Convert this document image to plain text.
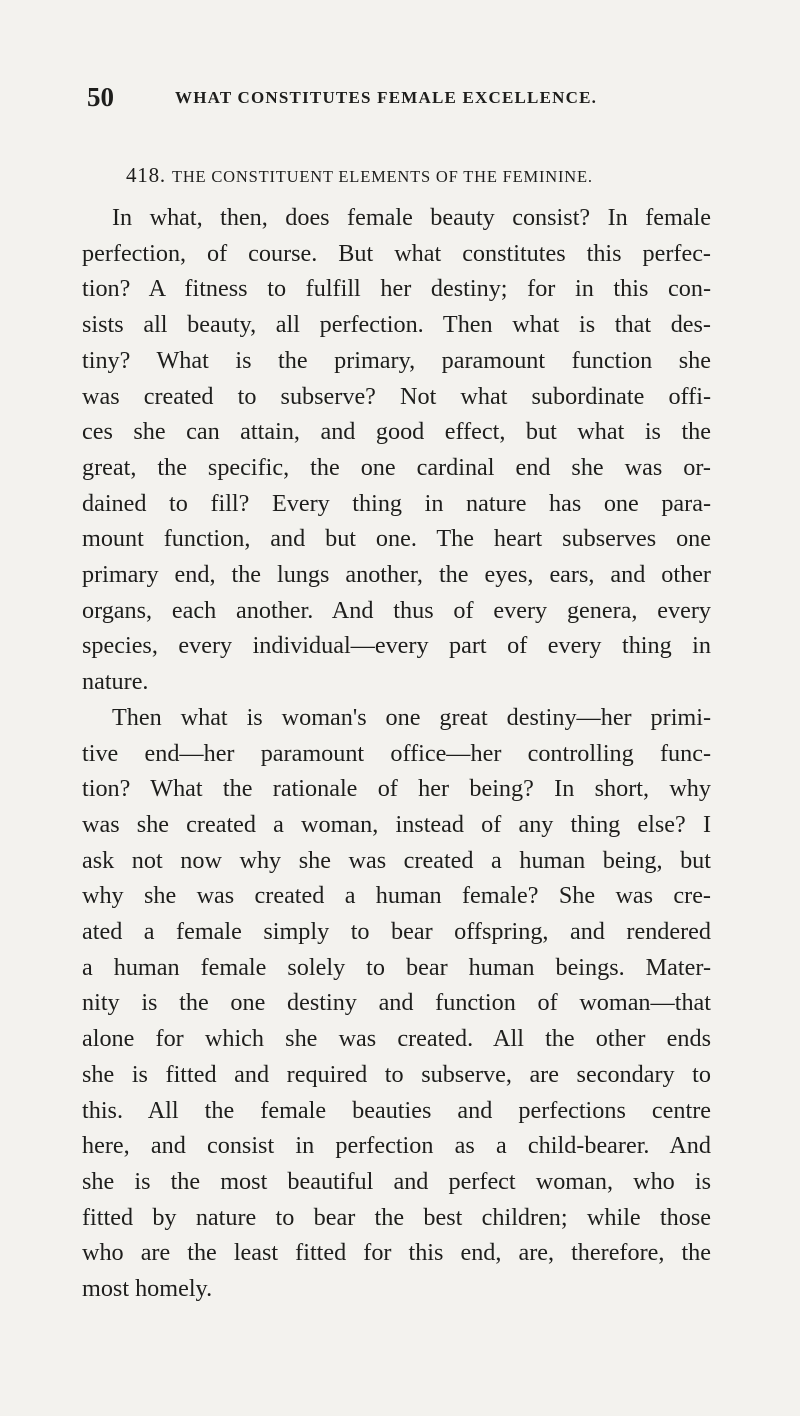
50	WHAT CONSTITUTES FEMALE EXCELLENCE.
418. THE CONSTITUENT ELEMENTS OF THE FEMININE.
In what, then, does female beauty consist? In female
perfection, of course. But what constitutes this perfec-
tion? A fitness to fulfill her destiny; for in this con-
sists all beauty, all perfection. Then what is that des-
tiny? What is the primary, paramount function she
was created to subserve? Not what subordinate offi-
ces she can attain, and good effect, but what is the
great, the specific, the one cardinal end she was or-
dained to fill? Every thing in nature has one para-
mount function, and but one. The heart subserves one
primary end, the lungs another, the eyes, ears, and other
organs, each another. And thus of every genera, every
species, every individual—every part of every thing in
nature.
Then what is woman's one great destiny—her primi-
tive end—her paramount office—her controlling func-
tion? What the rationale of her being? In short, why
was she created a woman, instead of any thing else? I
ask not now why she was created a human being, but
why she was created a human female? She was cre-
ated a female simply to bear offspring, and rendered
a human female solely to bear human beings. Mater-
nity is the one destiny and function of woman—that
alone for which she was created. All the other ends
she is fitted and required to subserve, are secondary to
this. All the female beauties and perfections centre
here, and consist in perfection as a child-bearer. And
she is the most beautiful and perfect woman, who is
fitted by nature to bear the best children; while those
who are the least fitted for this end, are, therefore, the
most homely.
